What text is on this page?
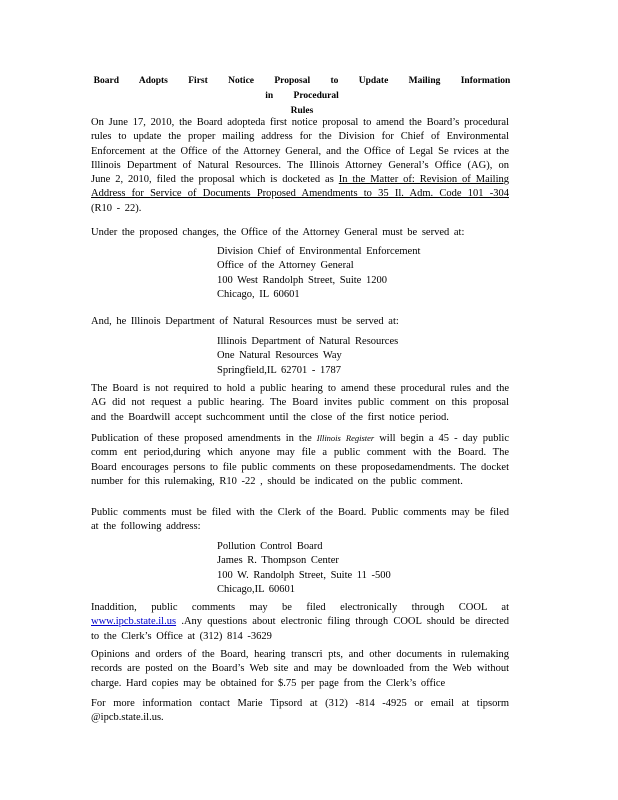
Board Adopts First Notice Proposal to Update Mailing Information in Procedural
Rules
On June 17, 2010, the Board adopteda first notice proposal to amend the Board’s procedural rules to update the proper mailing address for the Division for Chief of Environmental Enforcement at the Office of the Attorney General, and the Office of Legal Se rvices at the Illinois Department of Natural Resources. The Illinois Attorney General’s Office (AG), on June 2, 2010, filed the proposal which is docketed as In the Matter of: Revision of Mailing Address for Service of Documents Proposed Amendments to 35 Il. Adm. Code 101 -304 (R10 - 22).
Under the proposed changes, the Office of the Attorney General must be served at:
Division Chief of Environmental Enforcement
Office of the Attorney General
100 West Randolph Street, Suite 1200
Chicago, IL 60601
And, he Illinois Department of Natural Resources must be served at:
Illinois Department of Natural Resources
One Natural Resources Way
Springfield,IL 62701 - 1787
The Board is not required to hold a public hearing to amend these procedural rules and the AG did not request a public hearing. The Board invites public comment on this proposal and the Boardwill accept suchcomment until the close of the first notice period.
Publication of these proposed amendments in the Illinois Register will begin a 45 - day public comm ent period,during which anyone may file a public comment with the Board. The Board encourages persons to file public comments on these proposedamendments. The docket number for this rulemaking, R10 -22 , should be indicated on the public comment.
Public comments must be filed with the Clerk of the Board. Public comments may be filed at the following address:
Pollution Control Board
James R. Thompson Center
100 W. Randolph Street, Suite 11 -500
Chicago,IL 60601
Inaddition, public comments may be filed electronically through COOL at www.ipcb.state.il.us .Any questions about electronic filing through COOL should be directed to the Clerk’s Office at (312) 814 -3629
Opinions and orders of the Board, hearing transcri pts, and other documents in rulemaking records are posted on the Board’s Web site and may be downloaded from the Web without charge. Hard copies may be obtained for $.75 per page from the Clerk’s office
For more information contact Marie Tipsord at (312) -814 -4925 or email at tipsorm @ipcb.state.il.us.
